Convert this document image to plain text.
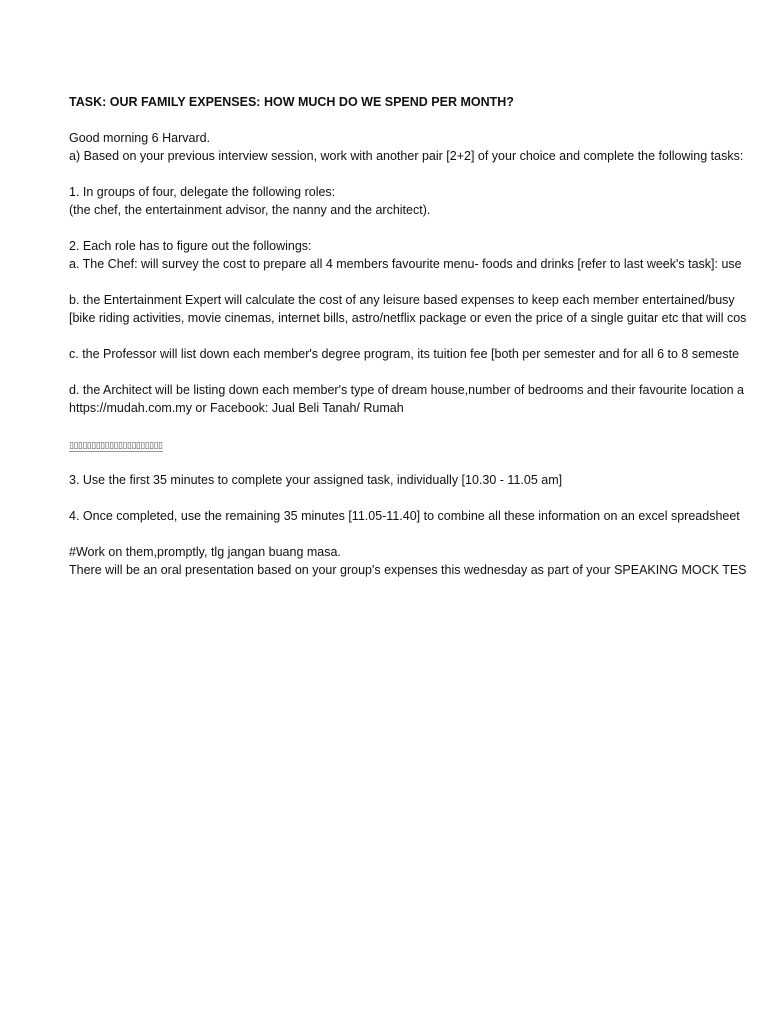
TASK: OUR FAMILY EXPENSES: HOW MUCH DO WE SPEND PER MONTH?
Good morning 6 Harvard.
a) Based on your previous interview session, work with another pair [2+2] of your choice and complete the following tasks:
1. In groups of four, delegate the following roles:
(the chef, the entertainment advisor, the nanny and the architect).
2. Each role has to figure out the followings:
a. The Chef: will survey the cost to prepare all 4 members favourite menu- foods and drinks [refer to last week's task]: use
b. the Entertainment Expert will calculate the cost of any leisure based expenses to keep each member entertained/busy
[bike riding activities, movie cinemas, internet bills, astro/netflix package or even the price of a single guitar etc that will cos
c. the Professor will list down each member's degree program, its tuition fee [both per semester and for all 6 to 8 semeste
d. the Architect will be listing down each member's type of dream house,number of bedrooms and their favourite location a
https://mudah.com.my or Facebook: Jual Beli Tanah/ Rumah
▯▯▯▯▯▯▯▯▯▯▯▯▯▯▯▯▯▯▯▯▯
3. Use the first 35 minutes to complete your assigned task, individually [10.30 - 11.05 am]
4. Once completed, use the remaining 35 minutes [11.05-11.40] to combine all these information on an excel spreadsheet
#Work on them,promptly, tlg jangan buang masa.
There will be an oral presentation based on your group's expenses this wednesday as part of your SPEAKING MOCK TES
